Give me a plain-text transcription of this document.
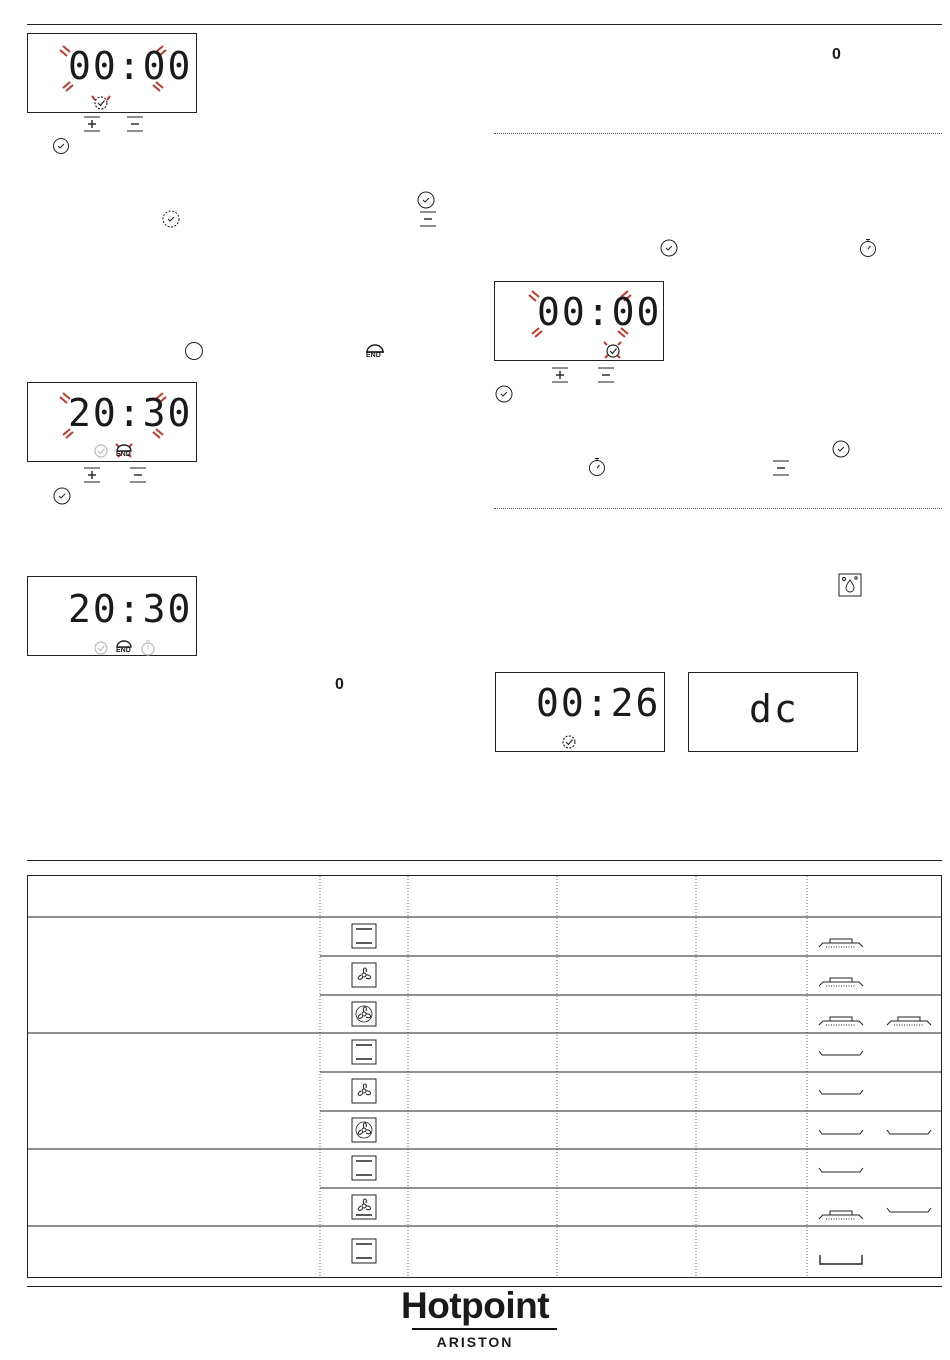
00:00
END
20:30
END
20:30
END
0
0
00:00
00:26 dc
Hotpoint
ARISTON
